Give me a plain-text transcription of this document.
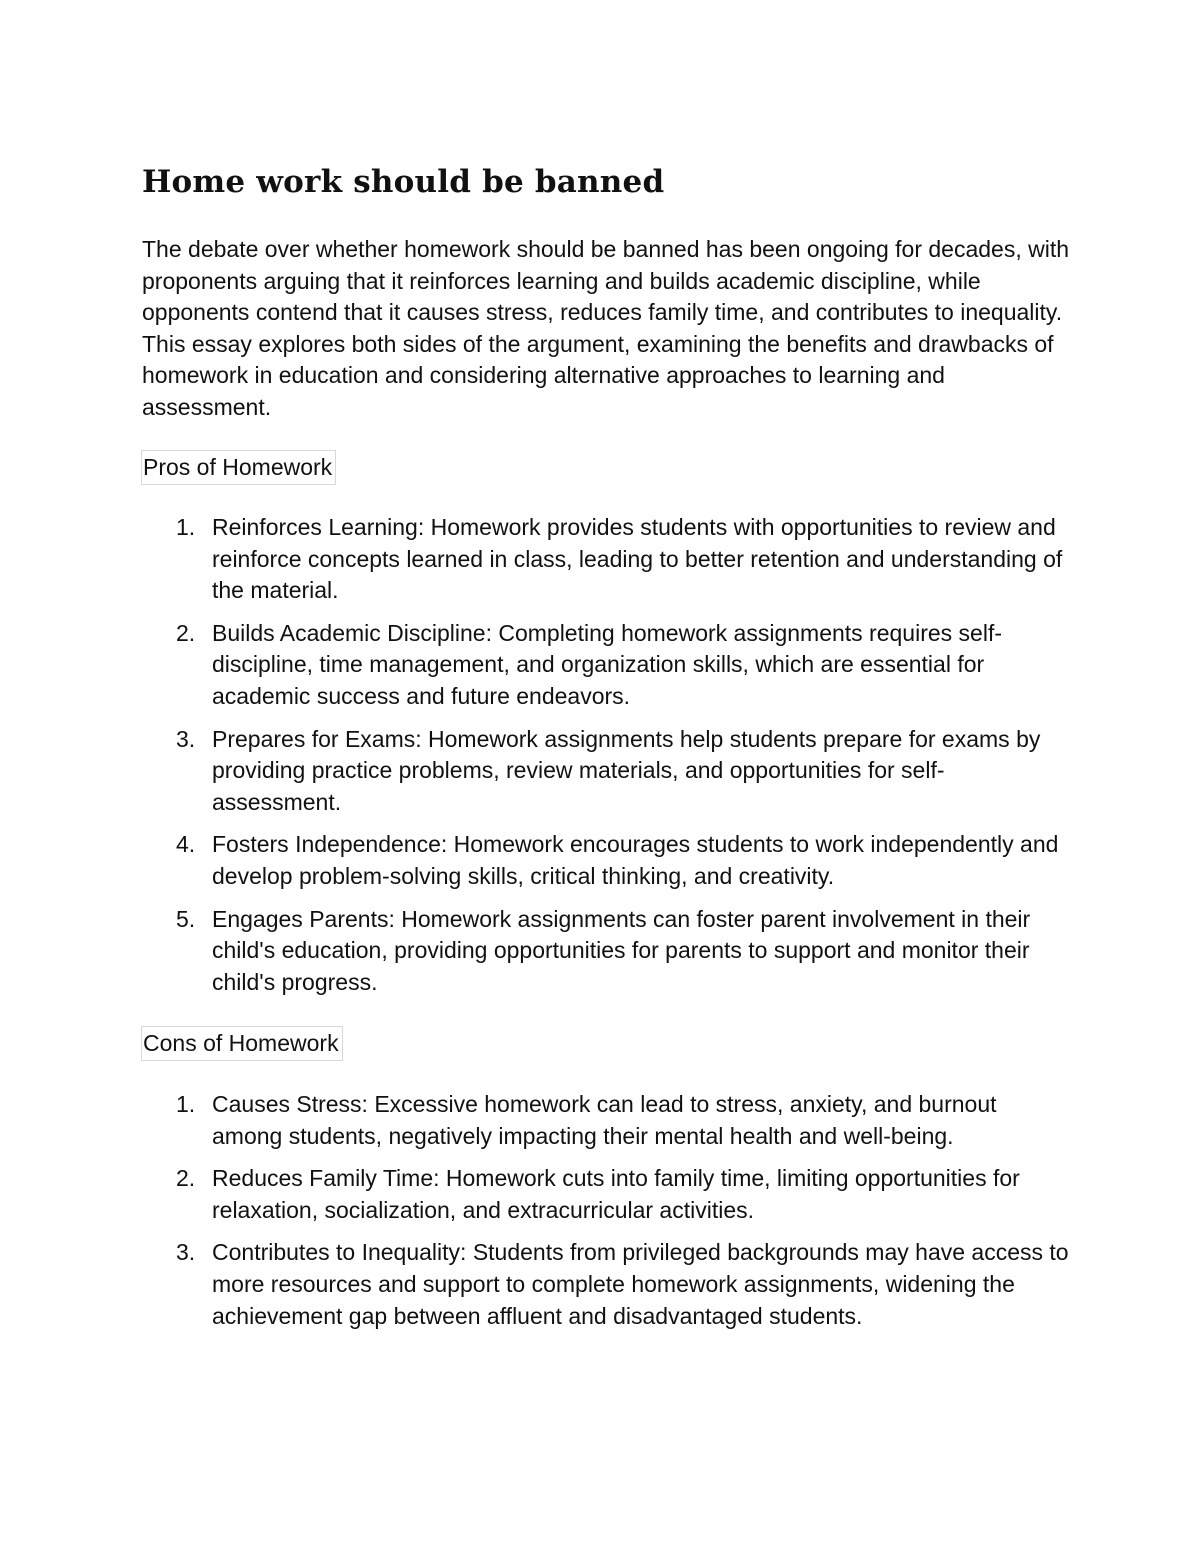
Home work should be banned

The debate over whether homework should be banned has been ongoing for decades, with proponents arguing that it reinforces learning and builds academic discipline, while opponents contend that it causes stress, reduces family time, and contributes to inequality. This essay explores both sides of the argument, examining the benefits and drawbacks of homework in education and considering alternative approaches to learning and assessment.

Pros of Homework
1. Reinforces Learning: Homework provides students with opportunities to review and reinforce concepts learned in class, leading to better retention and understanding of the material.
2. Builds Academic Discipline: Completing homework assignments requires self-discipline, time management, and organization skills, which are essential for academic success and future endeavors.
3. Prepares for Exams: Homework assignments help students prepare for exams by providing practice problems, review materials, and opportunities for self-assessment.
4. Fosters Independence: Homework encourages students to work independently and develop problem-solving skills, critical thinking, and creativity.
5. Engages Parents: Homework assignments can foster parent involvement in their child's education, providing opportunities for parents to support and monitor their child's progress.
Cons of Homework
1. Causes Stress: Excessive homework can lead to stress, anxiety, and burnout among students, negatively impacting their mental health and well-being.
2. Reduces Family Time: Homework cuts into family time, limiting opportunities for relaxation, socialization, and extracurricular activities.
3. Contributes to Inequality: Students from privileged backgrounds may have access to more resources and support to complete homework assignments, widening the achievement gap between affluent and disadvantaged students.
